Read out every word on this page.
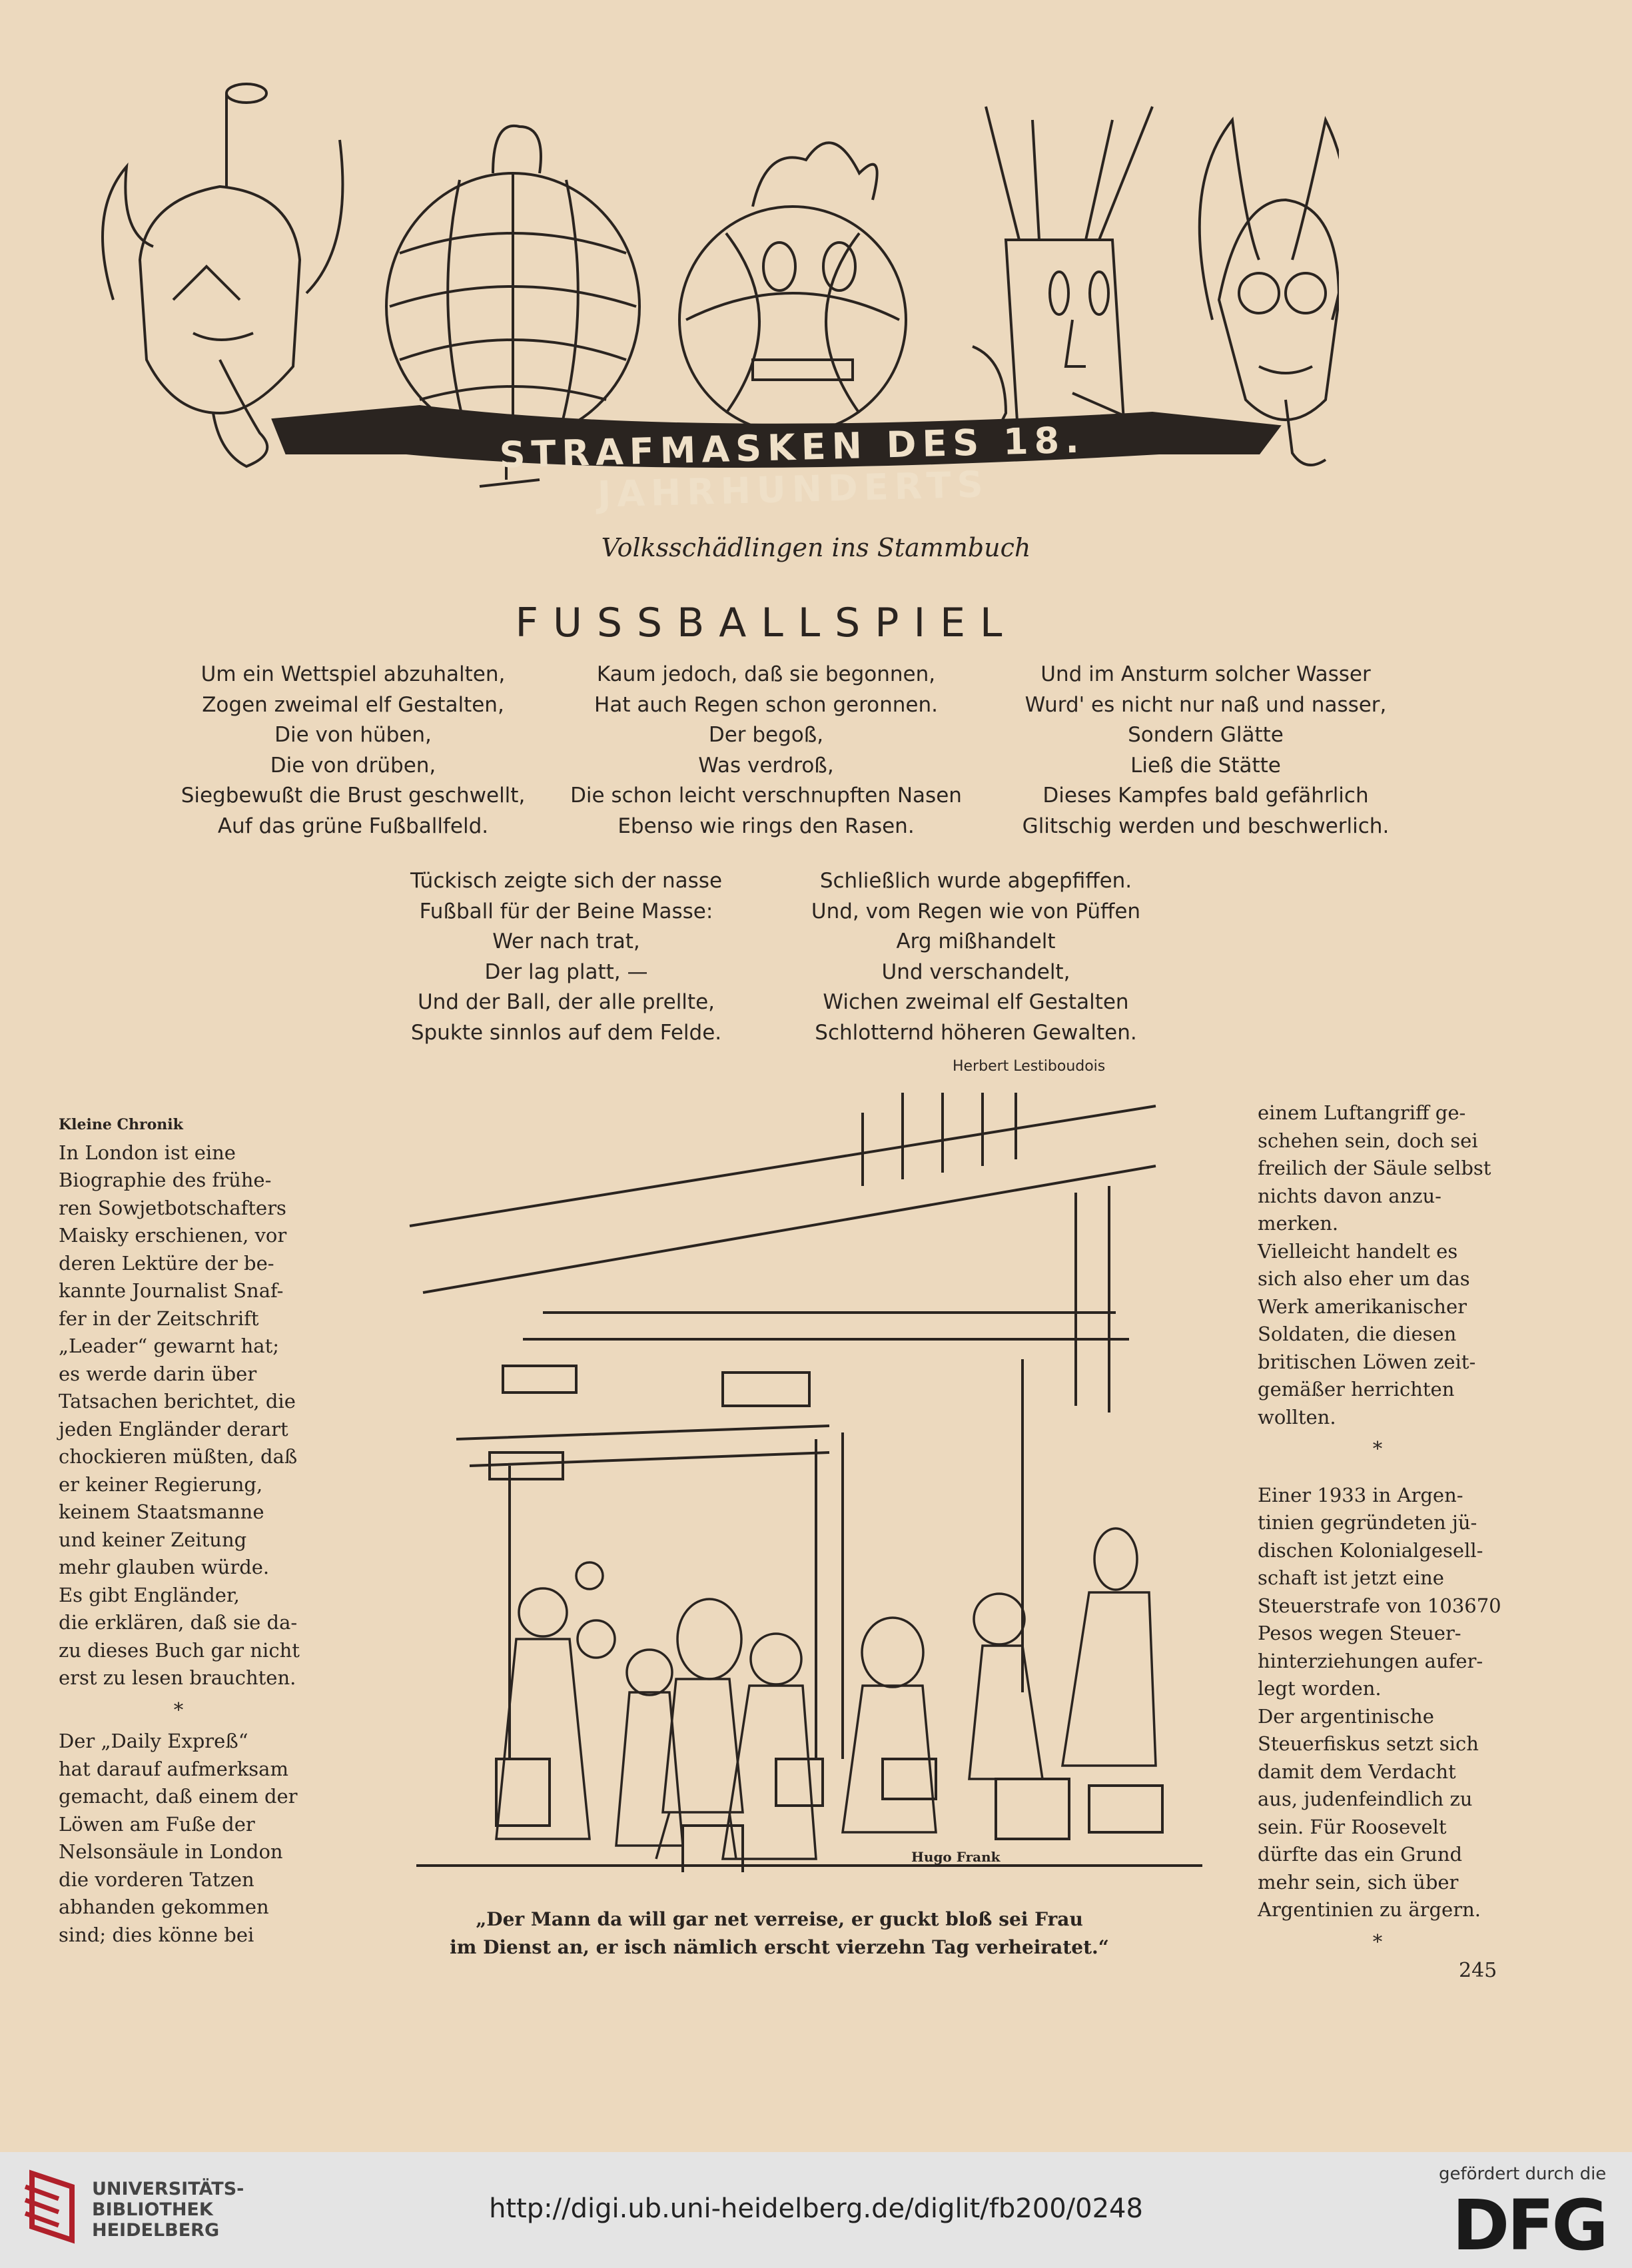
STRAFMASKEN DES 18. JAHRHUNDERTS
Volksschädlingen ins Stammbuch
FUSSBALLSPIEL
Um ein Wettspiel abzuhalten,
Zogen zweimal elf Gestalten,
Die von hüben,
Die von drüben,
Siegbewußt die Brust geschwellt,
Auf das grüne Fußballfeld.
Kaum jedoch, daß sie begonnen,
Hat auch Regen schon geronnen.
Der begoß,
Was verdroß,
Die schon leicht verschnupften Nasen
Ebenso wie rings den Rasen.
Und im Ansturm solcher Wasser
Wurd' es nicht nur naß und nasser,
Sondern Glätte
Ließ die Stätte
Dieses Kampfes bald gefährlich
Glitschig werden und beschwerlich.
Tückisch zeigte sich der nasse
Fußball für der Beine Masse:
Wer nach trat,
Der lag platt, —
Und der Ball, der alle prellte,
Spukte sinnlos auf dem Felde.
Schließlich wurde abgepfiffen.
Und, vom Regen wie von Püffen
Arg mißhandelt
Und verschandelt,
Wichen zweimal elf Gestalten
Schlotternd höheren Gewalten.
Herbert Lestiboudois
Kleine Chronik
In London ist eine
Biographie des frühe-
ren Sowjetbotschafters
Maisky erschienen, vor
deren Lektüre der be-
kannte Journalist Snaf-
fer in der Zeitschrift
„Leader“ gewarnt hat;
es werde darin über
Tatsachen berichtet, die
jeden Engländer derart
chockieren müßten, daß
er keiner Regierung,
keinem Staatsmanne
und keiner Zeitung
mehr glauben würde.
Es gibt Engländer,
die erklären, daß sie da-
zu dieses Buch gar nicht
erst zu lesen brauchten.
*
Der „Daily Expreß“
hat darauf aufmerksam
gemacht, daß einem der
Löwen am Fuße der
Nelsonsäule in London
die vorderen Tatzen
abhanden gekommen
sind; dies könne bei
Hugo Frank
„Der Mann da will gar net verreise, er guckt bloß sei Frau
im Dienst an, er isch nämlich erscht vierzehn Tag verheiratet.“
einem Luftangriff ge-
schehen sein, doch sei
freilich der Säule selbst
nichts davon anzu-
merken.
Vielleicht handelt es
sich also eher um das
Werk amerikanischer
Soldaten, die diesen
britischen Löwen zeit-
gemäßer herrichten
wollten.
*
Einer 1933 in Argen-
tinien gegründeten jü-
dischen Kolonialgesell-
schaft ist jetzt eine
Steuerstrafe von 103670
Pesos wegen Steuer-
hinterziehungen aufer-
legt worden.
Der argentinische
Steuerfiskus setzt sich
damit dem Verdacht
aus, judenfeindlich zu
sein. Für Roosevelt
dürfte das ein Grund
mehr sein, sich über
Argentinien zu ärgern.
*
245
UNIVERSITÄTS-
BIBLIOTHEK
HEIDELBERG
http://digi.ub.uni-heidelberg.de/diglit/fb200/0248
gefördert durch die
DFG
